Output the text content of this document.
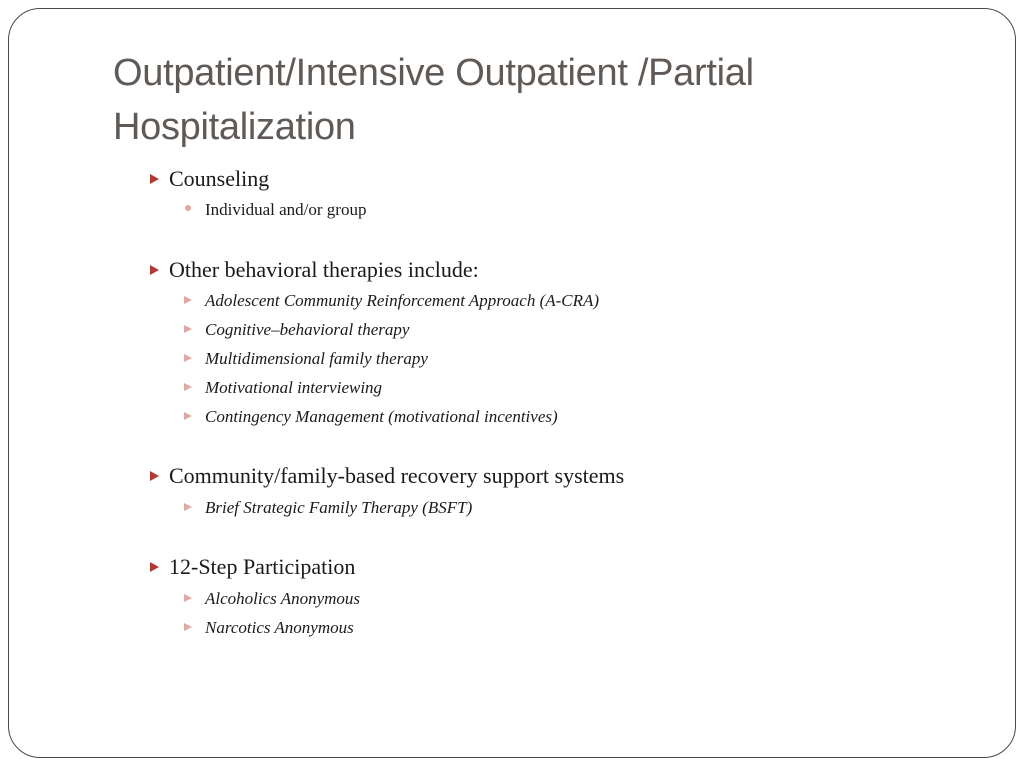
Outpatient/Intensive Outpatient /Partial Hospitalization
Counseling
Individual and/or group
Other behavioral therapies include:
Adolescent Community Reinforcement Approach (A-CRA)
Cognitive–behavioral therapy
Multidimensional family therapy
Motivational interviewing
Contingency Management (motivational incentives)
Community/family-based recovery support systems
Brief Strategic Family Therapy (BSFT)
12-Step Participation
Alcoholics Anonymous
Narcotics Anonymous
